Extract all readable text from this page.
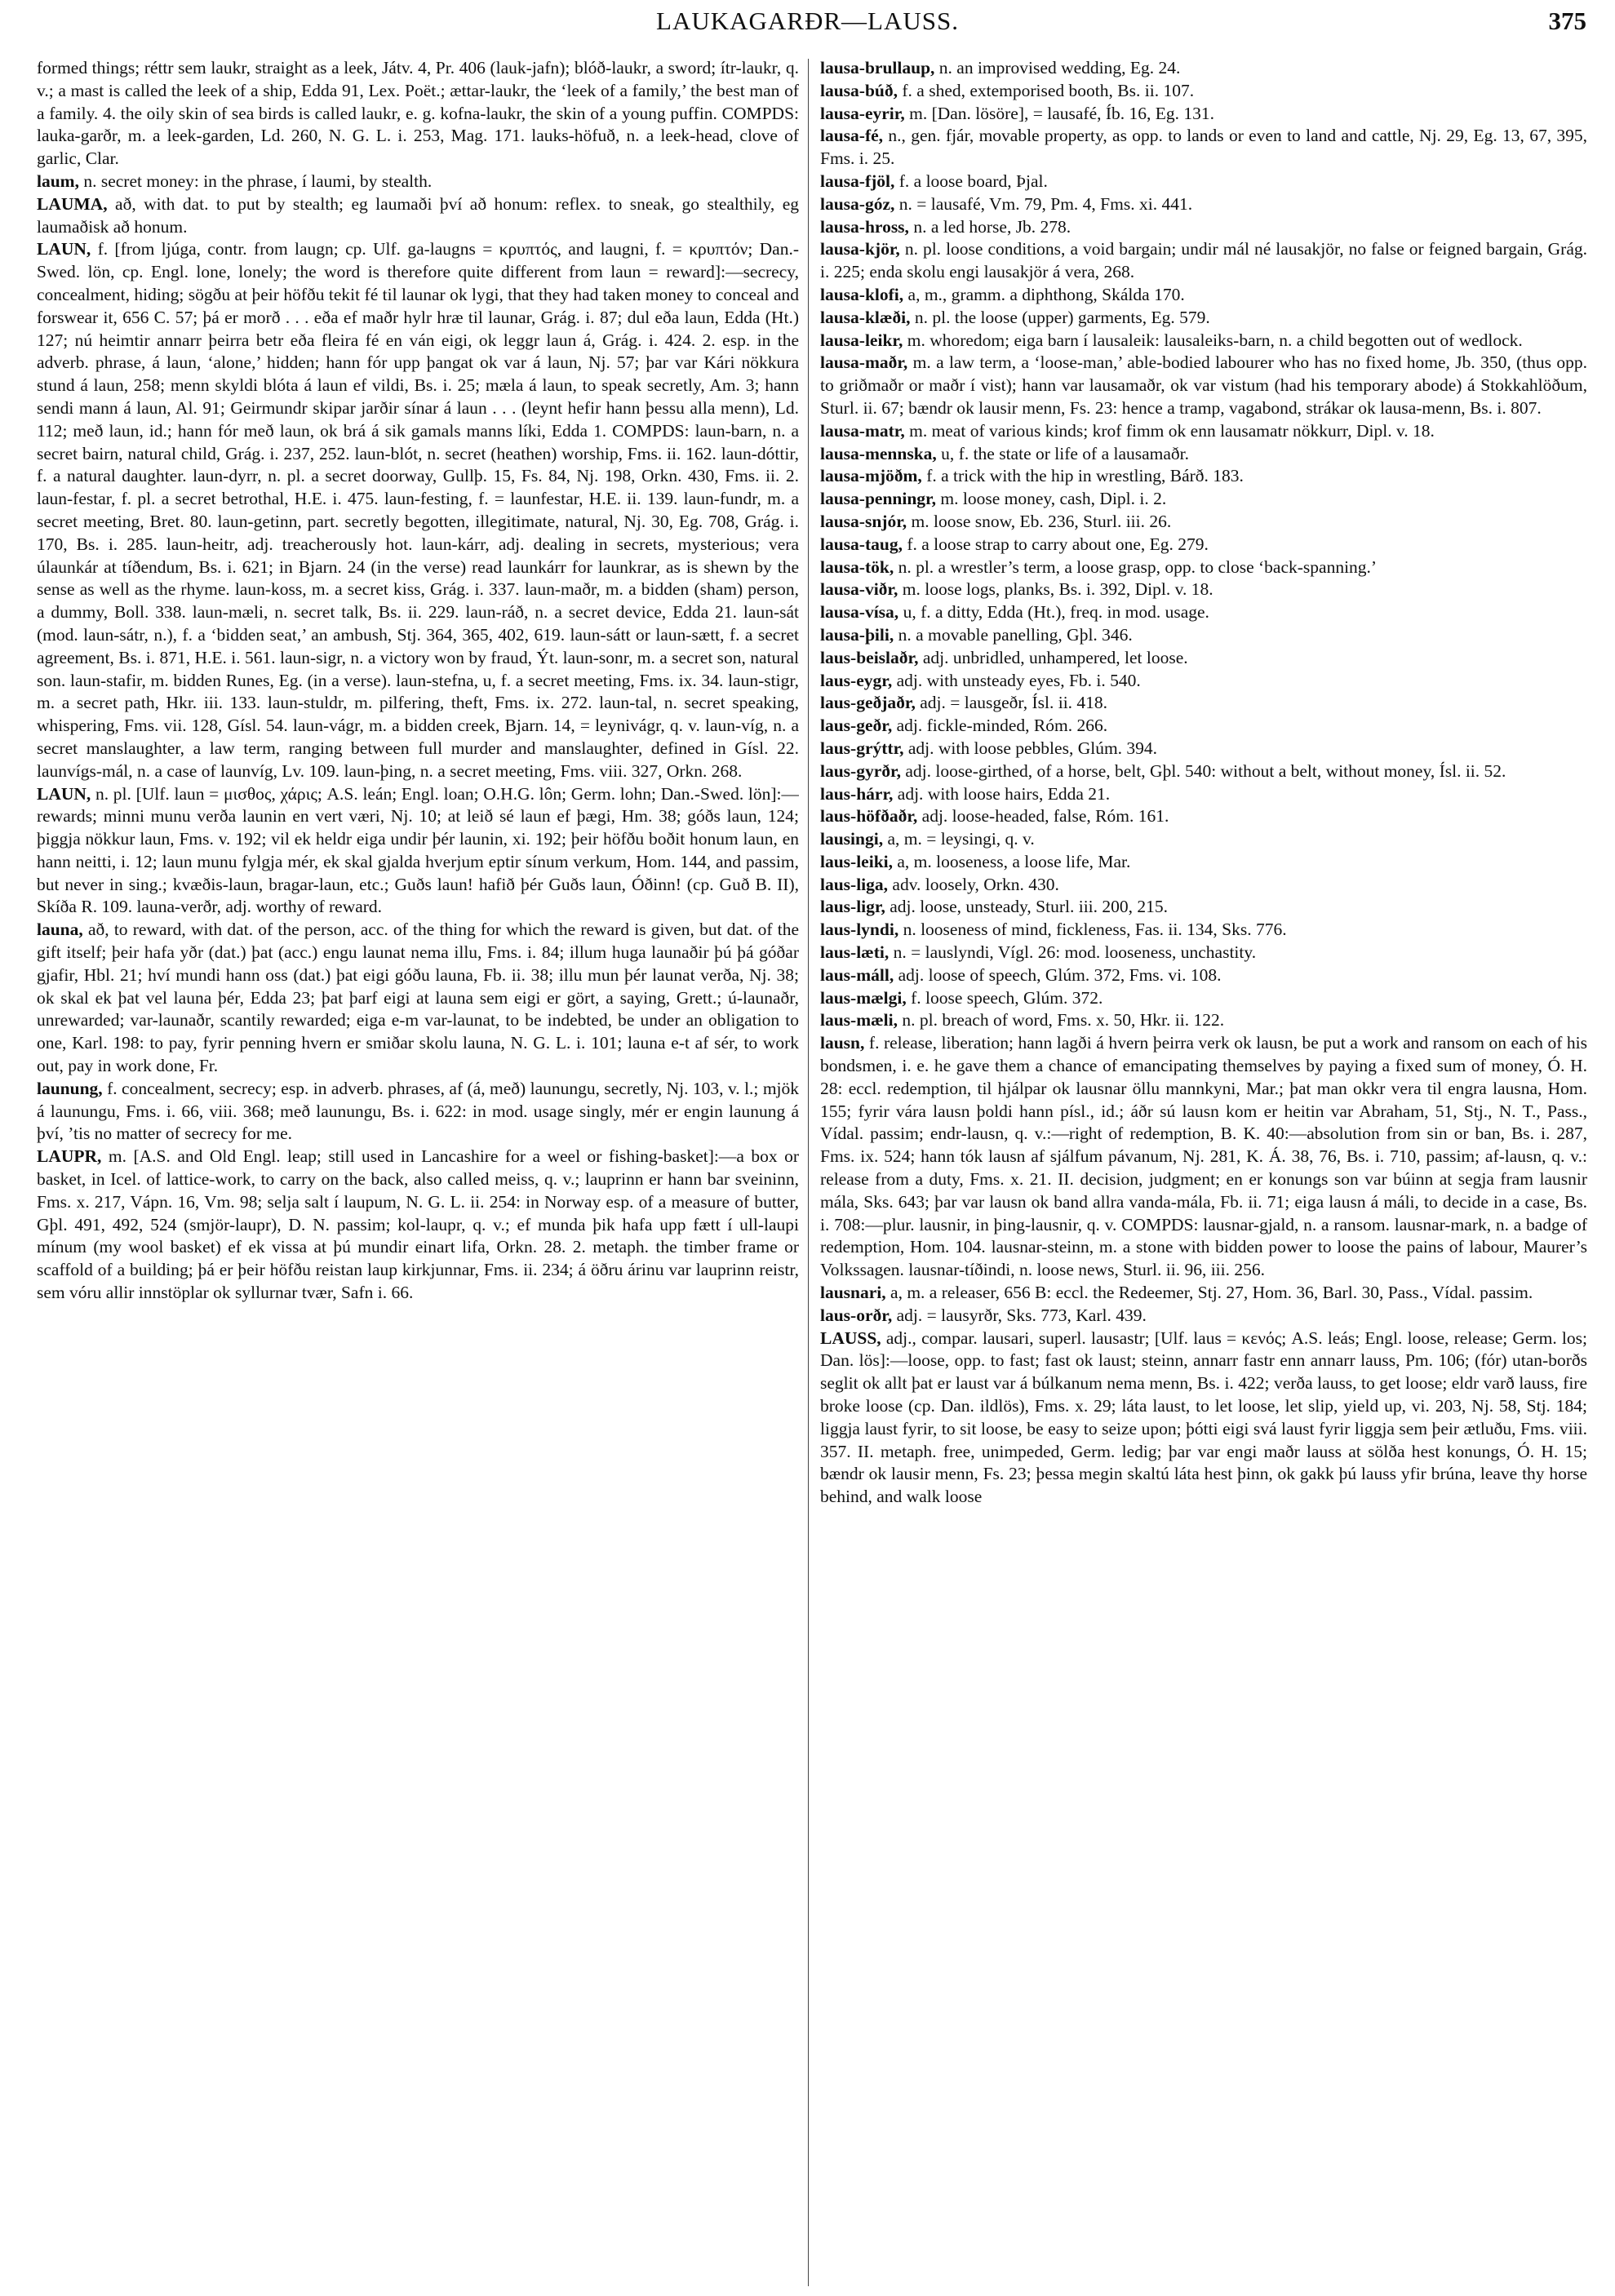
LAUKAGARÐR—LAUSS.	375

formed things; réttr sem laukr, straight as a leek, Játv. 4, Pr. 406 (lauk-jafn); blóð-laukr, a sword; ítr-laukr, q. v.; a mast is called the leek of a ship, Edda 91, Lex. Poët.; ættar-laukr, the ‘leek of a family,’ the best man of a family. 4. the oily skin of sea birds is called laukr, e. g. kofna-laukr, the skin of a young puffin. COMPDS: lauka-garðr, m. a leek-garden, Ld. 260, N. G. L. i. 253, Mag. 171. lauks-höfuð, n. a leek-head, clove of garlic, Clar.

laum, n. secret money: in the phrase, í laumi, by stealth.

LAUMA, að, with dat. to put by stealth; eg laumaði því að honum: reflex. to sneak, go stealthily, eg laumaðisk að honum.

LAUN, f. [from ljúga, contr. from laugn; cp. Ulf. ga-laugns = κρυπτός, and laugni, f. = κρυπτόν; Dan.-Swed. lön, cp. Engl. lone, lonely; the word is therefore quite different from laun = reward]:—secrecy, concealment, hiding; sögðu at þeir höfðu tekit fé til launar ok lygi, that they had taken money to conceal and forswear it, 656 C. 57; þá er morð . . . eða ef maðr hylr hræ til launar, Grág. i. 87; dul eða laun, Edda (Ht.) 127; nú heimtir annarr þeirra betr eða fleira fé en ván eigi, ok leggr laun á, Grág. i. 424. 2. esp. in the adverb. phrase, á laun, ‘alone,’ hidden; hann fór upp þangat ok var á laun, Nj. 57; þar var Kári nökkura stund á laun, 258; menn skyldi blóta á laun ef vildi, Bs. i. 25; mæla á laun, to speak secretly, Am. 3; hann sendi mann á laun, Al. 91; Geirmundr skipar jarðir sínar á laun . . . (leynt hefir hann þessu alla menn), Ld. 112; með laun, id.; hann fór með laun, ok brá á sik gamals manns líki, Edda 1. COMPDS: laun-barn, n. a secret bairn, natural child, Grág. i. 237, 252. laun-blót, n. secret (heathen) worship, Fms. ii. 162. laun-dóttir, f. a natural daughter. laun-dyrr, n. pl. a secret doorway, Gullþ. 15, Fs. 84, Nj. 198, Orkn. 430, Fms. ii. 2. laun-festar, f. pl. a secret betrothal, H.E. i. 475. laun-festing, f. = launfestar, H.E. ii. 139. laun-fundr, m. a secret meeting, Bret. 80. laun-getinn, part. secretly begotten, illegitimate, natural, Nj. 30, Eg. 708, Grág. i. 170, Bs. i. 285. laun-heitr, adj. treacherously hot. laun-kárr, adj. dealing in secrets, mysterious; vera úlaunkár at tíðendum, Bs. i. 621; in Bjarn. 24 (in the verse) read launkárr for launkrar, as is shewn by the sense as well as the rhyme. laun-koss, m. a secret kiss, Grág. i. 337. laun-maðr, m. a bidden (sham) person, a dummy, Boll. 338. laun-mæli, n. secret talk, Bs. ii. 229. laun-ráð, n. a secret device, Edda 21. laun-sát (mod. laun-sátr, n.), f. a ‘bidden seat,’ an ambush, Stj. 364, 365, 402, 619. laun-sátt or laun-sætt, f. a secret agreement, Bs. i. 871, H.E. i. 561. laun-sigr, n. a victory won by fraud, Ýt. laun-sonr, m. a secret son, natural son. laun-stafir, m. bidden Runes, Eg. (in a verse). laun-stefna, u, f. a secret meeting, Fms. ix. 34. laun-stigr, m. a secret path, Hkr. iii. 133. laun-stuldr, m. pilfering, theft, Fms. ix. 272. laun-tal, n. secret speaking, whispering, Fms. vii. 128, Gísl. 54. laun-vágr, m. a bidden creek, Bjarn. 14, = leynivágr, q. v. laun-víg, n. a secret manslaughter, a law term, ranging between full murder and manslaughter, defined in Gísl. 22. launvígs-mál, n. a case of launvíg, Lv. 109. laun-þing, n. a secret meeting, Fms. viii. 327, Orkn. 268.

LAUN, n. pl. [Ulf. laun = μισθος, χάρις; A.S. leán; Engl. loan; O.H.G. lôn; Germ. lohn; Dan.-Swed. lön]:—rewards; minni munu verða launin en vert væri, Nj. 10; at leið sé laun ef þægi, Hm. 38; góðs laun, 124; þiggja nökkur laun, Fms. v. 192; vil ek heldr eiga undir þér launin, xi. 192; þeir höfðu boðit honum laun, en hann neitti, i. 12; laun munu fylgja mér, ek skal gjalda hverjum eptir sínum verkum, Hom. 144, and passim, but never in sing.; kvæðis-laun, bragar-laun, etc.; Guðs laun! hafið þér Guðs laun, Óðinn! (cp. Guð B. II), Skíða R. 109. launa-verðr, adj. worthy of reward.

launa, að, to reward, with dat. of the person, acc. of the thing for which the reward is given, but dat. of the gift itself; þeir hafa yðr (dat.) þat (acc.) engu launat nema illu, Fms. i. 84; illum huga launaðir þú þá góðar gjafir, Hbl. 21; hví mundi hann oss (dat.) þat eigi góðu launa, Fb. ii. 38; illu mun þér launat verða, Nj. 38; ok skal ek þat vel launa þér, Edda 23; þat þarf eigi at launa sem eigi er gört, a saying, Grett.; ú-launaðr, unrewarded; var-launaðr, scantily rewarded; eiga e-m var-launat, to be indebted, be under an obligation to one, Karl. 198: to pay, fyrir penning hvern er smiðar skolu launa, N. G. L. i. 101; launa e-t af sér, to work out, pay in work done, Fr.

launung, f. concealment, secrecy; esp. in adverb. phrases, af (á, með) launungu, secretly, Nj. 103, v. l.; mjök á launungu, Fms. i. 66, viii. 368; með launungu, Bs. i. 622: in mod. usage singly, mér er engin launung á því, ’tis no matter of secrecy for me.

LAUPR, m. [A.S. and Old Engl. leap; still used in Lancashire for a weel or fishing-basket]:—a box or basket, in Icel. of lattice-work, to carry on the back, also called meiss, q. v.; lauprinn er hann bar sveininn, Fms. x. 217, Vápn. 16, Vm. 98; selja salt í laupum, N. G. L. ii. 254: in Norway esp. of a measure of butter, Gþl. 491, 492, 524 (smjör-laupr), D. N. passim; kol-laupr, q. v.; ef munda þik hafa upp fætt í ull-laupi mínum (my wool basket) ef ek vissa at þú mundir einart lifa, Orkn. 28. 2. metaph. the timber frame or scaffold of a building; þá er þeir höfðu reistan laup kirkjunnar, Fms. ii. 234; á öðru árinu var lauprinn reistr, sem vóru allir innstöplar ok syllurnar tvær, Safn i. 66.

lausa-brullaup, n. an improvised wedding, Eg. 24.

lausa-búð, f. a shed, extemporised booth, Bs. ii. 107.

lausa-eyrir, m. [Dan. lösöre], = lausafé, Íb. 16, Eg. 131.

lausa-fé, n., gen. fjár, movable property, as opp. to lands or even to land and cattle, Nj. 29, Eg. 13, 67, 395, Fms. i. 25.

lausa-fjöl, f. a loose board, Þjal.

lausa-góz, n. = lausafé, Vm. 79, Pm. 4, Fms. xi. 441.

lausa-hross, n. a led horse, Jb. 278.

lausa-kjör, n. pl. loose conditions, a void bargain; undir mál né lausakjör, no false or feigned bargain, Grág. i. 225; enda skolu engi lausakjör á vera, 268.

lausa-klofi, a, m., gramm. a diphthong, Skálda 170.

lausa-klæði, n. pl. the loose (upper) garments, Eg. 579.

lausa-leikr, m. whoredom; eiga barn í lausaleik: lausaleiks-barn, n. a child begotten out of wedlock.

lausa-maðr, m. a law term, a ‘loose-man,’ able-bodied labourer who has no fixed home, Jb. 350, (thus opp. to griðmaðr or maðr í vist); hann var lausamaðr, ok var vistum (had his temporary abode) á Stokkahlöðum, Sturl. ii. 67; bændr ok lausir menn, Fs. 23: hence a tramp, vagabond, strákar ok lausa-menn, Bs. i. 807.

lausa-matr, m. meat of various kinds; krof fimm ok enn lausamatr nökkurr, Dipl. v. 18.

lausa-mennska, u, f. the state or life of a lausamaðr.

lausa-mjöðm, f. a trick with the hip in wrestling, Bárð. 183.

lausa-penningr, m. loose money, cash, Dipl. i. 2.

lausa-snjór, m. loose snow, Eb. 236, Sturl. iii. 26.

lausa-taug, f. a loose strap to carry about one, Eg. 279.

lausa-tök, n. pl. a wrestler’s term, a loose grasp, opp. to close ‘back-spanning.’

lausa-viðr, m. loose logs, planks, Bs. i. 392, Dipl. v. 18.

lausa-vísa, u, f. a ditty, Edda (Ht.), freq. in mod. usage.

lausa-þili, n. a movable panelling, Gþl. 346.

laus-beislaðr, adj. unbridled, unhampered, let loose.

laus-eygr, adj. with unsteady eyes, Fb. i. 540.

laus-geðjaðr, adj. = lausgeðr, Ísl. ii. 418.

laus-geðr, adj. fickle-minded, Róm. 266.

laus-grýttr, adj. with loose pebbles, Glúm. 394.

laus-gyrðr, adj. loose-girthed, of a horse, belt, Gþl. 540: without a belt, without money, Ísl. ii. 52.

laus-hárr, adj. with loose hairs, Edda 21.

laus-höfðaðr, adj. loose-headed, false, Róm. 161.

lausingi, a, m. = leysingi, q. v.

laus-leiki, a, m. looseness, a loose life, Mar.

laus-liga, adv. loosely, Orkn. 430.

laus-ligr, adj. loose, unsteady, Sturl. iii. 200, 215.

laus-lyndi, n. looseness of mind, fickleness, Fas. ii. 134, Sks. 776.

laus-læti, n. = lauslyndi, Vígl. 26: mod. looseness, unchastity.

laus-máll, adj. loose of speech, Glúm. 372, Fms. vi. 108.

laus-mælgi, f. loose speech, Glúm. 372.

laus-mæli, n. pl. breach of word, Fms. x. 50, Hkr. ii. 122.

lausn, f. release, liberation; hann lagði á hvern þeirra verk ok lausn, be put a work and ransom on each of his bondsmen, i. e. he gave them a chance of emancipating themselves by paying a fixed sum of money, Ó. H. 28: eccl. redemption, til hjálpar ok lausnar öllu mannkyni, Mar.; þat man okkr vera til engra lausna, Hom. 155; fyrir vára lausn þoldi hann písl., id.; áðr sú lausn kom er heitin var Abraham, 51, Stj., N. T., Pass., Vídal. passim; endr-lausn, q. v.:—right of redemption, B. K. 40:—absolution from sin or ban, Bs. i. 287, Fms. ix. 524; hann tók lausn af sjálfum pávanum, Nj. 281, K. Á. 38, 76, Bs. i. 710, passim; af-lausn, q. v.: release from a duty, Fms. x. 21. II. decision, judgment; en er konungs son var búinn at segja fram lausnir mála, Sks. 643; þar var lausn ok band allra vanda-mála, Fb. ii. 71; eiga lausn á máli, to decide in a case, Bs. i. 708:—plur. lausnir, in þing-lausnir, q. v. COMPDS: lausnar-gjald, n. a ransom. lausnar-mark, n. a badge of redemption, Hom. 104. lausnar-steinn, m. a stone with bidden power to loose the pains of labour, Maurer’s Volkssagen. lausnar-tíðindi, n. loose news, Sturl. ii. 96, iii. 256.

lausnari, a, m. a releaser, 656 B: eccl. the Redeemer, Stj. 27, Hom. 36, Barl. 30, Pass., Vídal. passim.

laus-orðr, adj. = lausyrðr, Sks. 773, Karl. 439.

LAUSS, adj., compar. lausari, superl. lausastr; [Ulf. laus = κενός; A.S. leás; Engl. loose, release; Germ. los; Dan. lös]:—loose, opp. to fast; fast ok laust; steinn, annarr fastr enn annarr lauss, Pm. 106; (fór) utan-borðs seglit ok allt þat er laust var á búlkanum nema menn, Bs. i. 422; verða lauss, to get loose; eldr varð lauss, fire broke loose (cp. Dan. ildlös), Fms. x. 29; láta laust, to let loose, let slip, yield up, vi. 203, Nj. 58, Stj. 184; liggja laust fyrir, to sit loose, be easy to seize upon; þótti eigi svá laust fyrir liggja sem þeir ætluðu, Fms. viii. 357. II. metaph. free, unimpeded, Germ. ledig; þar var engi maðr lauss at sölða hest konungs, Ó. H. 15; bændr ok lausir menn, Fs. 23; þessa megin skaltú láta hest þinn, ok gakk þú lauss yfir brúna, leave thy horse behind, and walk loose
